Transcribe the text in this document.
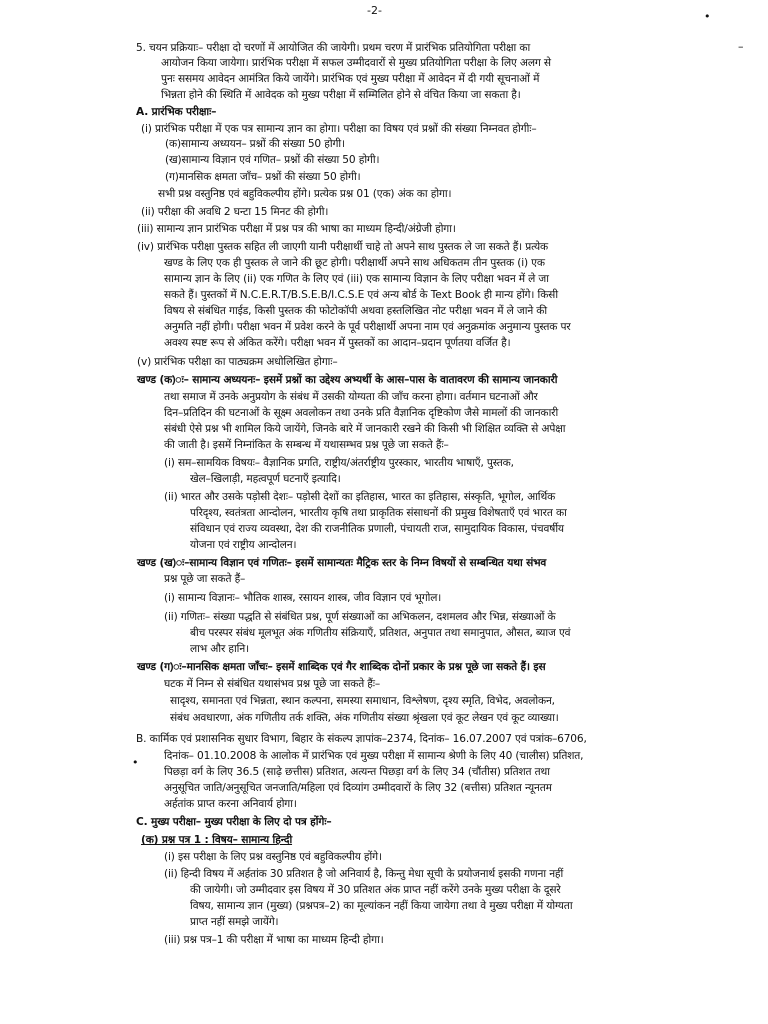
-2-	•
•
–
5. चयन प्रक्रियाः– परीक्षा दो चरणों में आयोजित की जायेगी। प्रथम चरण में प्रारंभिक प्रतियोगिता परीक्षा का
आयोजन किया जायेगा। प्रारंभिक परीक्षा में सफल उम्मीदवारों से मुख्य प्रतियोगिता परीक्षा के लिए अलग से
पुनः ससमय आवेदन आमंत्रित किये जायेंगे। प्रारंभिक एवं मुख्य परीक्षा में आवेदन में दी गयी सूचनाओं में
भिन्नता होने की स्थिति में आवेदक को मुख्य परीक्षा में सम्मिलित होने से वंचित किया जा सकता है।
A. प्रारंभिक परीक्षाः–
(i) प्रारंभिक परीक्षा में एक पत्र सामान्य ज्ञान का होगा। परीक्षा का विषय एवं प्रश्नों की संख्या निम्नवत होगीः–
(क)सामान्य अध्ययन– प्रश्नों की संख्या 50 होगी।
(ख)सामान्य विज्ञान एवं गणित– प्रश्नों की संख्या 50 होगी।
(ग)मानसिक क्षमता जाँच– प्रश्नों की संख्या 50 होगी।
सभी प्रश्न वस्तुनिष्ठ एवं बहुविकल्पीय होंगे। प्रत्येक प्रश्न 01 (एक) अंक का होगा।
(ii) परीक्षा की अवधि 2 घन्टा 15 मिनट की होगी।
(iii) सामान्य ज्ञान प्रारंभिक परीक्षा में प्रश्न पत्र की भाषा का माध्यम हिन्दी/अंग्रेजी होगा।
(iv) प्रारंभिक परीक्षा पुस्तक सहित ली जाएगी यानी परीक्षार्थी चाहे तो अपने साथ पुस्तक ले जा सकते हैं। प्रत्येक
खण्ड के लिए एक ही पुस्तक ले जाने की छूट होगी। परीक्षार्थी अपने साथ अधिकतम तीन पुस्तक (i) एक
सामान्य ज्ञान के लिए (ii) एक गणित के लिए एवं (iii) एक सामान्य विज्ञान के लिए परीक्षा भवन में ले जा
सकते हैं। पुस्तकों में N.C.E.R.T/B.S.E.B/I.C.S.E एवं अन्य बोर्ड के Text Book ही मान्य होंगे। किसी
विषय से संबंधित गाईड, किसी पुस्तक की फोटोकॉपी अथवा हस्तलिखित नोट परीक्षा भवन में ले जाने की
अनुमति नहीं होगी। परीक्षा भवन में प्रवेश करने के पूर्व परीक्षार्थी अपना नाम एवं अनुक्रमांक अनुमान्य पुस्तक पर
अवश्य स्पष्ट रूप से अंकित करेंगे। परीक्षा भवन में पुस्तकों का आदान–प्रदान पूर्णतया वर्जित है।
(v) प्रारंभिक परीक्षा का पाठ्यक्रम अधोलिखित होगाः–
खण्ड (क)ः– सामान्य अध्ययनः– इसमें प्रश्नों का उद्देश्य अभ्यर्थी के आस–पास के वातावरण की सामान्य जानकारी
तथा समाज में उनके अनुप्रयोग के संबंध में उसकी योग्यता की जाँच करना होगा। वर्तमान घटनाओं और
दिन–प्रतिदिन की घटनाओं के सूक्ष्म अवलोकन तथा उनके प्रति वैज्ञानिक दृष्टिकोण जैसे मामलों की जानकारी
संबंधी ऐसे प्रश्न भी शामिल किये जायेंगे, जिनके बारे में जानकारी रखने की किसी भी शिक्षित व्यक्ति से अपेक्षा
की जाती है। इसमें निम्नांकित के सम्बन्ध में यथासम्भव प्रश्न पूछे जा सकते हैंः–
(i) सम–सामयिक विषयः– वैज्ञानिक प्रगति, राष्ट्रीय/अंतर्राष्ट्रीय पुरस्कार, भारतीय भाषाएँ, पुस्तक,
खेल–खिलाड़ी, महत्वपूर्ण घटनाएँ इत्यादि।
(ii) भारत और उसके पड़ोसी देशः– पड़ोसी देशों का इतिहास, भारत का इतिहास, संस्कृति, भूगोल, आर्थिक
परिदृश्य, स्वतंत्रता आन्दोलन, भारतीय कृषि तथा प्राकृतिक संसाधनों की प्रमुख विशेषताएँ एवं भारत का
संविधान एवं राज्य व्यवस्था, देश की राजनीतिक प्रणाली, पंचायती राज, सामुदायिक विकास, पंचवर्षीय
योजना एवं राष्ट्रीय आन्दोलन।
खण्ड (ख)ः–सामान्य विज्ञान एवं गणितः– इसमें सामान्यतः मैट्रिक स्तर के निम्न विषयों से सम्बन्धित यथा संभव
प्रश्न पूछे जा सकते हैं–
(i) सामान्य विज्ञानः– भौतिक शास्त्र, रसायन शास्त्र, जीव विज्ञान एवं भूगोल।
(ii) गणितः– संख्या पद्धति से संबंधित प्रश्न, पूर्ण संख्याओं का अभिकलन, दशमलव और भिन्न, संख्याओं के
बीच परस्पर संबंध मूलभूत अंक गणितीय संक्रियाएँ, प्रतिशत, अनुपात तथा समानुपात, औसत, ब्याज एवं
लाभ और हानि।
खण्ड (ग)ः–मानसिक क्षमता जाँचः– इसमें शाब्दिक एवं गैर शाब्दिक दोनों प्रकार के प्रश्न पूछे जा सकते हैं। इस
घटक में निम्न से संबंधित यथासंभव प्रश्न पूछे जा सकते हैंः–
सादृश्य, समानता एवं भिन्नता, स्थान कल्पना, समस्या समाधान, विश्लेषण, दृश्य स्मृति, विभेद, अवलोकन,
संबंध अवधारणा, अंक गणितीय तर्क शक्ति, अंक गणितीय संख्या श्रृंखला एवं कूट लेखन एवं कूट व्याख्या।
B. कार्मिक एवं प्रशासनिक सुधार विभाग, बिहार के संकल्प ज्ञापांक–2374, दिनांक– 16.07.2007 एवं पत्रांक–6706,
दिनांक– 01.10.2008 के आलोक में प्रारंभिक एवं मुख्य परीक्षा में सामान्य श्रेणी के लिए 40 (चालीस) प्रतिशत,
पिछड़ा वर्ग के लिए 36.5 (साढ़े छत्तीस) प्रतिशत, अत्यन्त पिछड़ा वर्ग के लिए 34 (चौंतीस) प्रतिशत तथा
अनुसूचित जाति/अनुसूचित जनजाति/महिला एवं दिव्यांग उम्मीदवारों के लिए 32 (बत्तीस) प्रतिशत न्यूनतम
अर्हतांक प्राप्त करना अनिवार्य होगा।
C. मुख्य परीक्षा– मुख्य परीक्षा के लिए दो पत्र होंगेः–
(क) प्रश्न पत्र 1 : विषय– सामान्य हिन्दी
(i) इस परीक्षा के लिए प्रश्न वस्तुनिष्ठ एवं बहुविकल्पीय होंगे।
(ii) हिन्दी विषय में अर्हतांक 30 प्रतिशत है जो अनिवार्य है, किन्तु मेधा सूची के प्रयोजनार्थ इसकी गणना नहीं
की जायेगी। जो उम्मीदवार इस विषय में 30 प्रतिशत अंक प्राप्त नहीं करेंगे उनके मुख्य परीक्षा के दूसरे
विषय, सामान्य ज्ञान (मुख्य) (प्रश्नपत्र–2) का मूल्यांकन नहीं किया जायेगा तथा वे मुख्य परीक्षा में योग्यता
प्राप्त नहीं समझे जायेंगे।
(iii) प्रश्न पत्र–1 की परीक्षा में भाषा का माध्यम हिन्दी होगा।
